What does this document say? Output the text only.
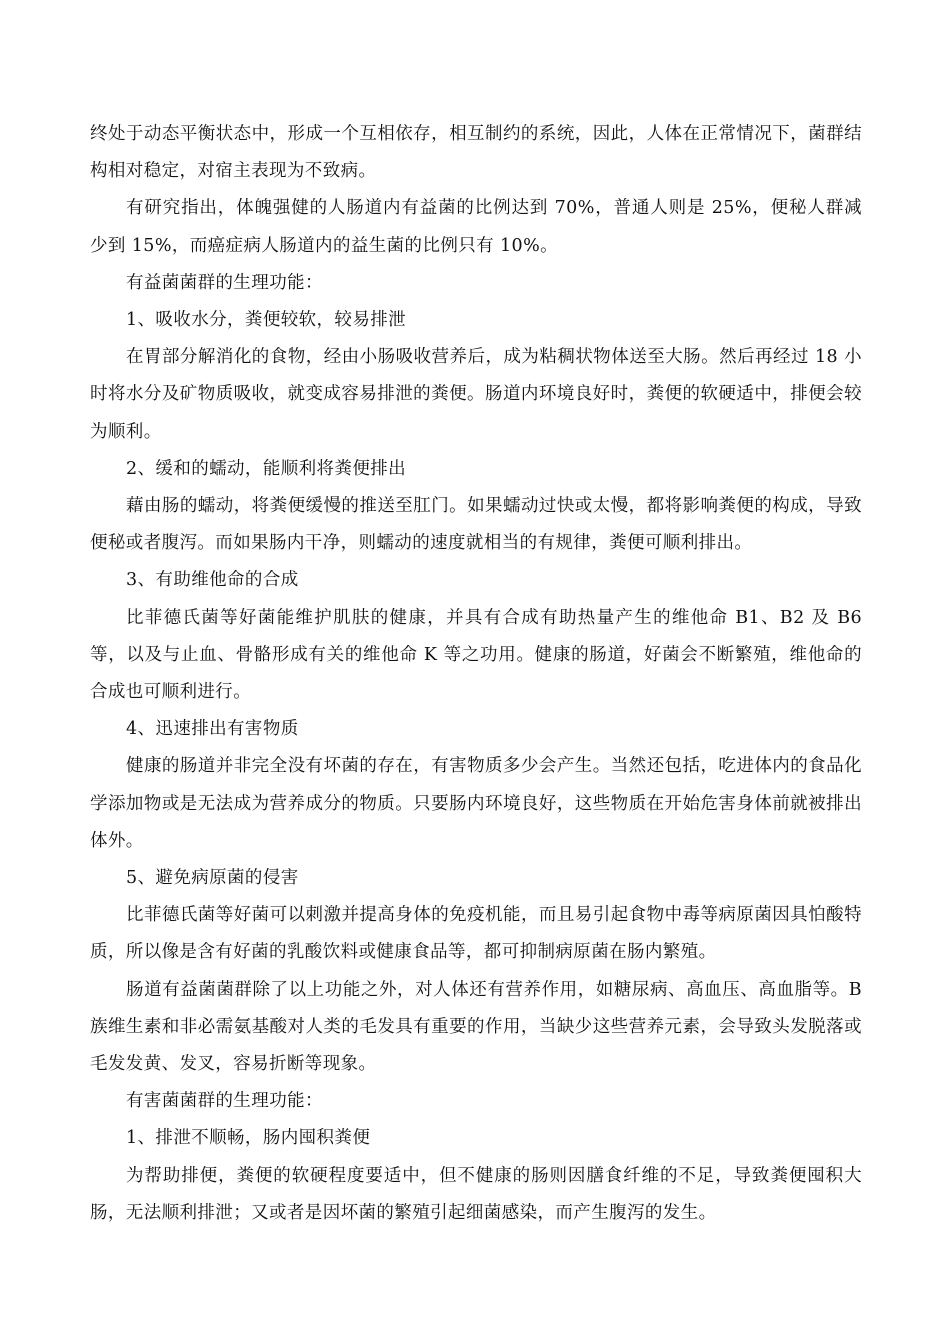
终处于动态平衡状态中，形成一个互相依存，相互制约的系统，因此，人体在正常情况下，菌群结构相对稳定，对宿主表现为不致病。

有研究指出，体魄强健的人肠道内有益菌的比例达到 70%，普通人则是 25%，便秘人群减少到 15%，而癌症病人肠道内的益生菌的比例只有 10%。

有益菌菌群的生理功能：

1、吸收水分，粪便较软，较易排泄

在胃部分解消化的食物，经由小肠吸收营养后，成为粘稠状物体送至大肠。然后再经过 18 小时将水分及矿物质吸收，就变成容易排泄的粪便。肠道内环境良好时，粪便的软硬适中，排便会较为顺利。

2、缓和的蠕动，能顺利将粪便排出

藉由肠的蠕动，将粪便缓慢的推送至肛门。如果蠕动过快或太慢，都将影响粪便的构成，导致便秘或者腹泻。而如果肠内干净，则蠕动的速度就相当的有规律，粪便可顺利排出。

3、有助维他命的合成

比菲德氏菌等好菌能维护肌肤的健康，并具有合成有助热量产生的维他命 B1、B2 及 B6 等，以及与止血、骨骼形成有关的维他命 K 等之功用。健康的肠道，好菌会不断繁殖，维他命的合成也可顺利进行。

4、迅速排出有害物质

健康的肠道并非完全没有坏菌的存在，有害物质多少会产生。当然还包括，吃进体内的食品化学添加物或是无法成为营养成分的物质。只要肠内环境良好，这些物质在开始危害身体前就被排出体外。

5、避免病原菌的侵害

比菲德氏菌等好菌可以刺激并提高身体的免疫机能，而且易引起食物中毒等病原菌因具怕酸特质，所以像是含有好菌的乳酸饮料或健康食品等，都可抑制病原菌在肠内繁殖。

肠道有益菌菌群除了以上功能之外，对人体还有营养作用，如糖尿病、高血压、高血脂等。B 族维生素和非必需氨基酸对人类的毛发具有重要的作用，当缺少这些营养元素，会导致头发脱落或毛发发黄、发叉，容易折断等现象。

有害菌菌群的生理功能：

1、排泄不顺畅，肠内囤积粪便

为帮助排便，粪便的软硬程度要适中，但不健康的肠则因膳食纤维的不足，导致粪便囤积大肠，无法顺利排泄；又或者是因坏菌的繁殖引起细菌感染，而产生腹泻的发生。
